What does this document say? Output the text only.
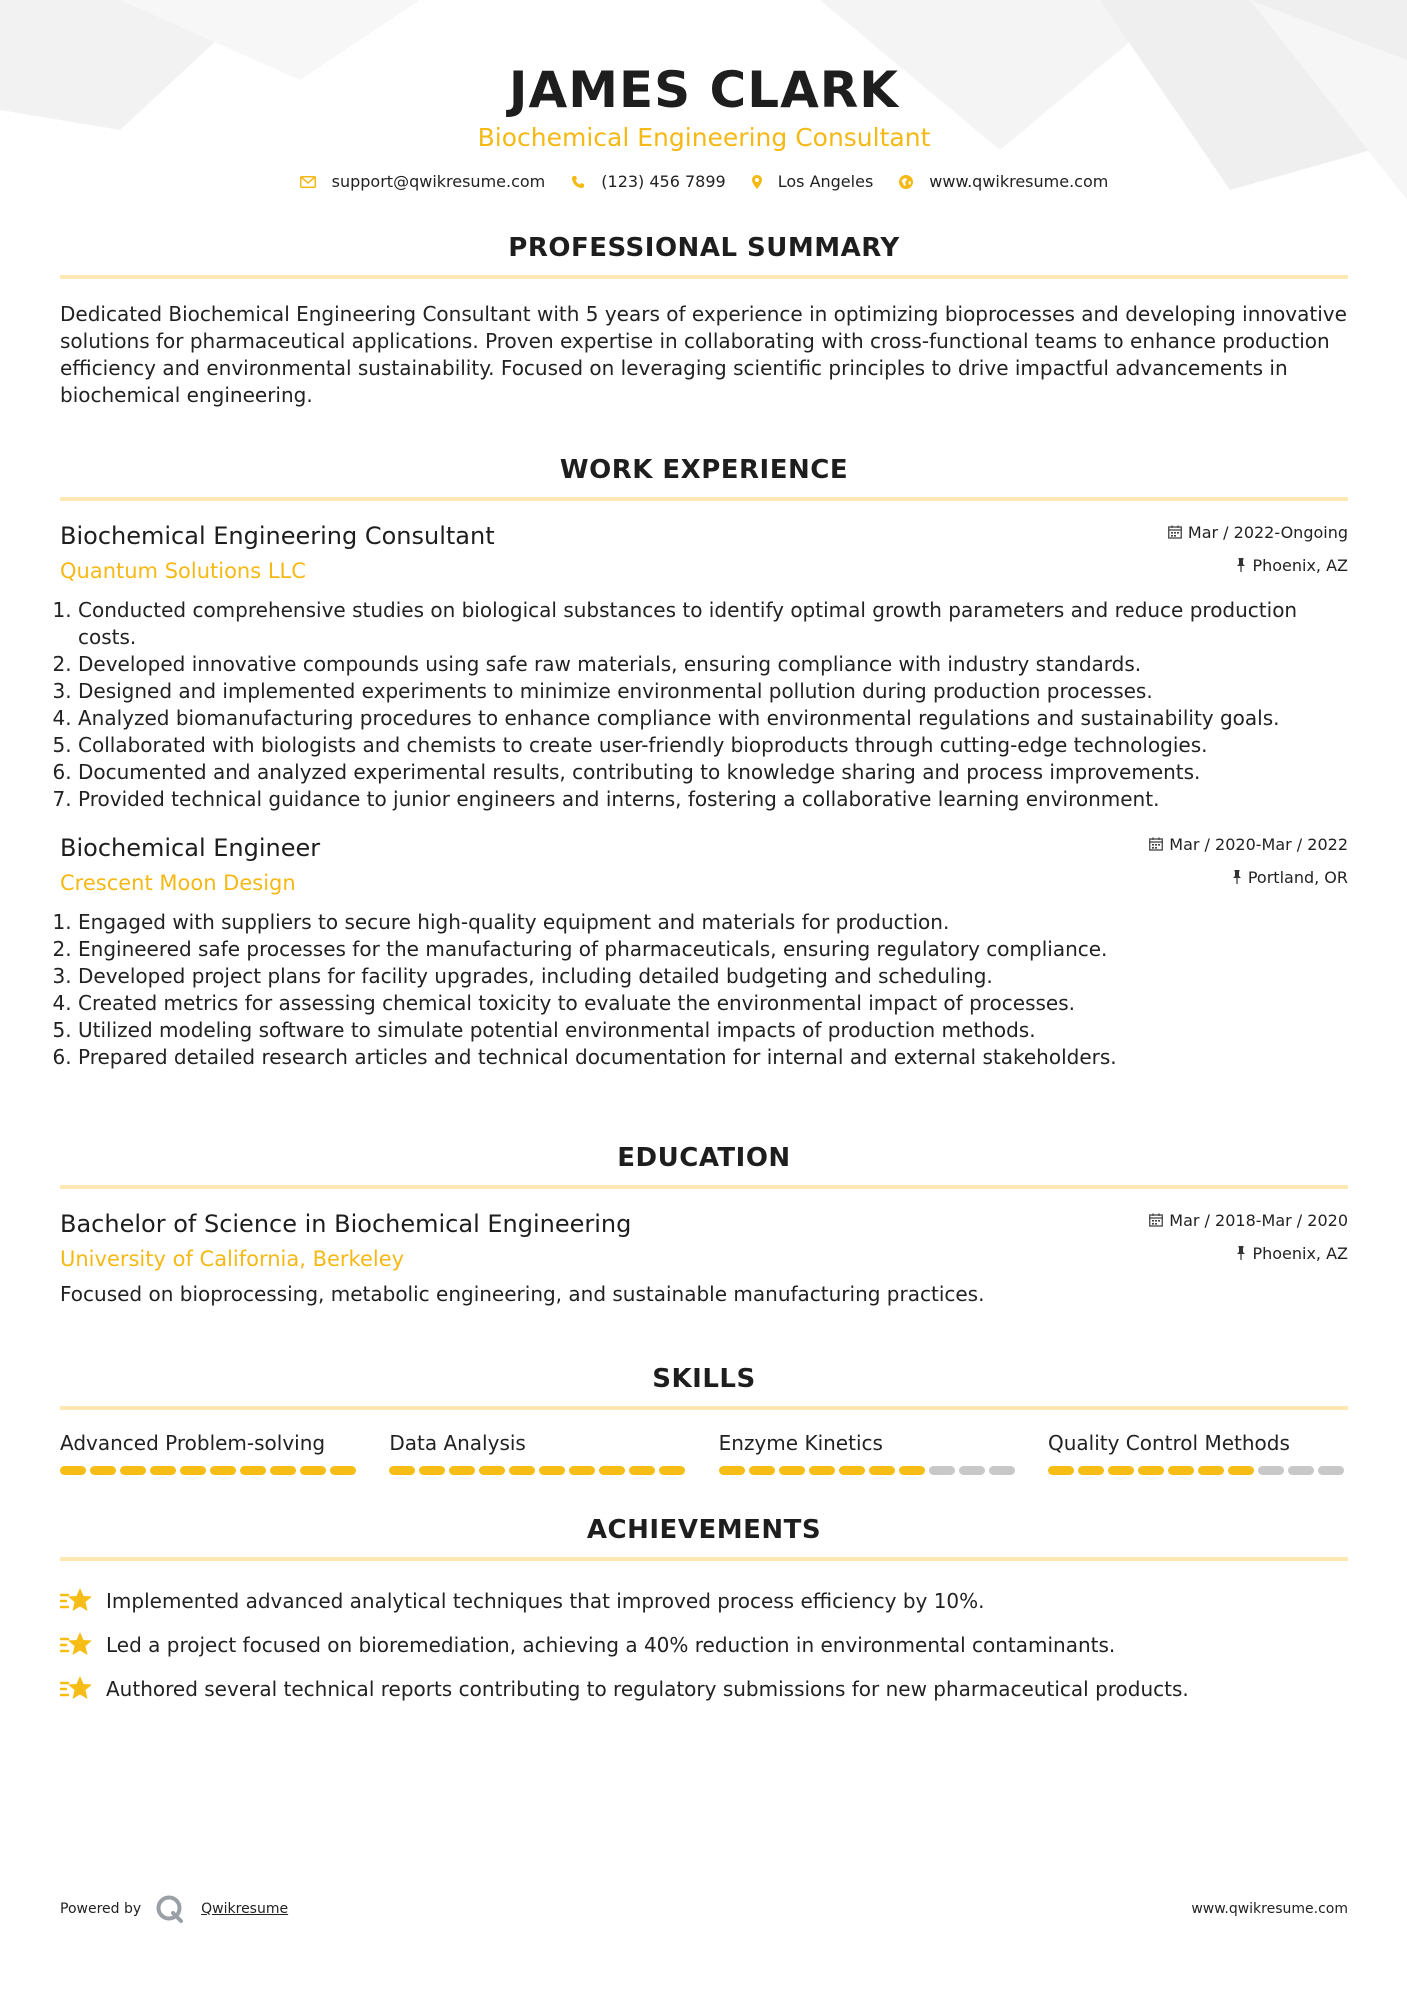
JAMES CLARK
Biochemical Engineering Consultant
support@qwikresume.com	(123) 456 7899	Los Angeles	www.qwikresume.com
PROFESSIONAL SUMMARY
Dedicated Biochemical Engineering Consultant with 5 years of experience in optimizing bioprocesses and developing innovative solutions for pharmaceutical applications. Proven expertise in collaborating with cross-functional teams to enhance production efficiency and environmental sustainability. Focused on leveraging scientific principles to drive impactful advancements in biochemical engineering.
WORK EXPERIENCE
Biochemical Engineering Consultant
Quantum Solutions LLC
Mar / 2022-Ongoing
Phoenix, AZ
1. Conducted comprehensive studies on biological substances to identify optimal growth parameters and reduce production costs.
2. Developed innovative compounds using safe raw materials, ensuring compliance with industry standards.
3. Designed and implemented experiments to minimize environmental pollution during production processes.
4. Analyzed biomanufacturing procedures to enhance compliance with environmental regulations and sustainability goals.
5. Collaborated with biologists and chemists to create user-friendly bioproducts through cutting-edge technologies.
6. Documented and analyzed experimental results, contributing to knowledge sharing and process improvements.
7. Provided technical guidance to junior engineers and interns, fostering a collaborative learning environment.
Biochemical Engineer
Crescent Moon Design
Mar / 2020-Mar / 2022
Portland, OR
1. Engaged with suppliers to secure high-quality equipment and materials for production.
2. Engineered safe processes for the manufacturing of pharmaceuticals, ensuring regulatory compliance.
3. Developed project plans for facility upgrades, including detailed budgeting and scheduling.
4. Created metrics for assessing chemical toxicity to evaluate the environmental impact of processes.
5. Utilized modeling software to simulate potential environmental impacts of production methods.
6. Prepared detailed research articles and technical documentation for internal and external stakeholders.
EDUCATION
Bachelor of Science in Biochemical Engineering
University of California, Berkeley
Mar / 2018-Mar / 2020
Phoenix, AZ
Focused on bioprocessing, metabolic engineering, and sustainable manufacturing practices.
SKILLS
Advanced Problem-solving	Data Analysis	Enzyme Kinetics	Quality Control Methods
ACHIEVEMENTS
Implemented advanced analytical techniques that improved process efficiency by 10%.
Led a project focused on bioremediation, achieving a 40% reduction in environmental contaminants.
Authored several technical reports contributing to regulatory submissions for new pharmaceutical products.
Powered by	Qwikresume	www.qwikresume.com
